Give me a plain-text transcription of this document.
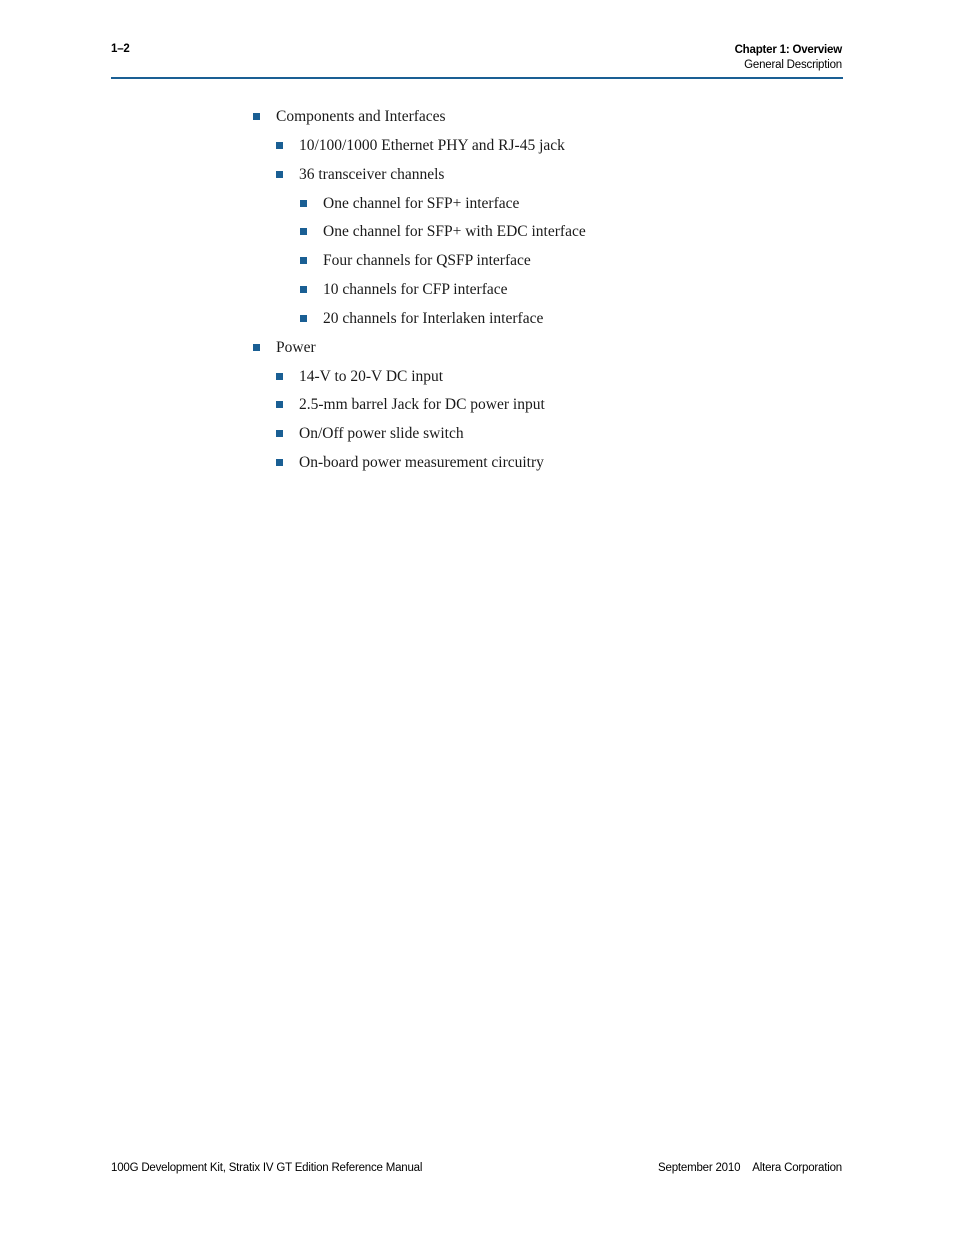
1–2	Chapter 1: Overview
General Description
Components and Interfaces
10/100/1000 Ethernet PHY and RJ-45 jack
36 transceiver channels
One channel for SFP+ interface
One channel for SFP+ with EDC interface
Four channels for QSFP interface
10 channels for CFP interface
20 channels for Interlaken interface
Power
14-V to 20-V DC input
2.5-mm barrel Jack for DC power input
On/Off power slide switch
On-board power measurement circuitry
100G Development Kit, Stratix IV GT Edition Reference Manual	September 2010 Altera Corporation
